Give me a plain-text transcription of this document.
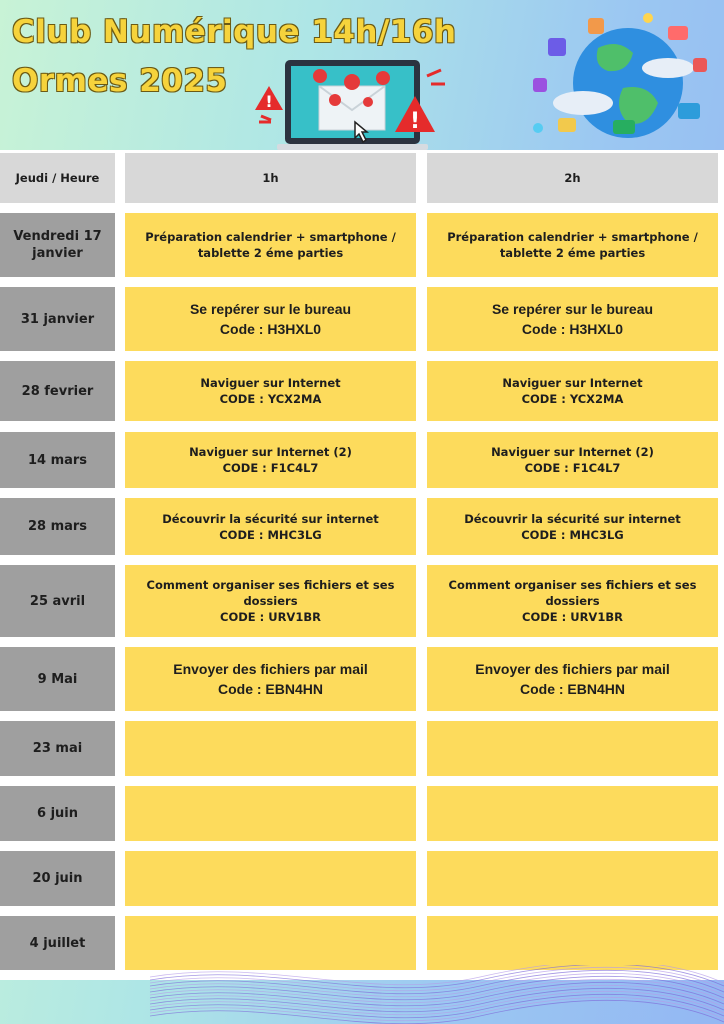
Club Numérique 14h/16h
Ormes 2025
!
!
Jeudi / Heure	1h	2h
Vendredi 17 janvier
Préparation calendrier + smartphone / tablette 2 éme parties
Préparation calendrier + smartphone / tablette 2 éme parties
31 janvier
Se repérer sur le bureau
Code : H3HXL0
Se repérer sur le bureau
Code : H3HXL0
28 fevrier
Naviguer sur Internet
CODE : YCX2MA
Naviguer sur Internet
CODE : YCX2MA
14 mars
Naviguer sur Internet (2)
CODE : F1C4L7
Naviguer sur Internet (2)
CODE : F1C4L7
28 mars
Découvrir la sécurité sur internet
CODE : MHC3LG
Découvrir la sécurité sur internet
CODE : MHC3LG
25 avril
Comment organiser ses fichiers et ses dossiers
CODE : URV1BR
Comment organiser ses fichiers et ses dossiers
CODE : URV1BR
9 Mai
Envoyer des fichiers par mail
Code : EBN4HN
Envoyer des fichiers par mail
Code : EBN4HN
23 mai
6 juin
20 juin
4 juillet
